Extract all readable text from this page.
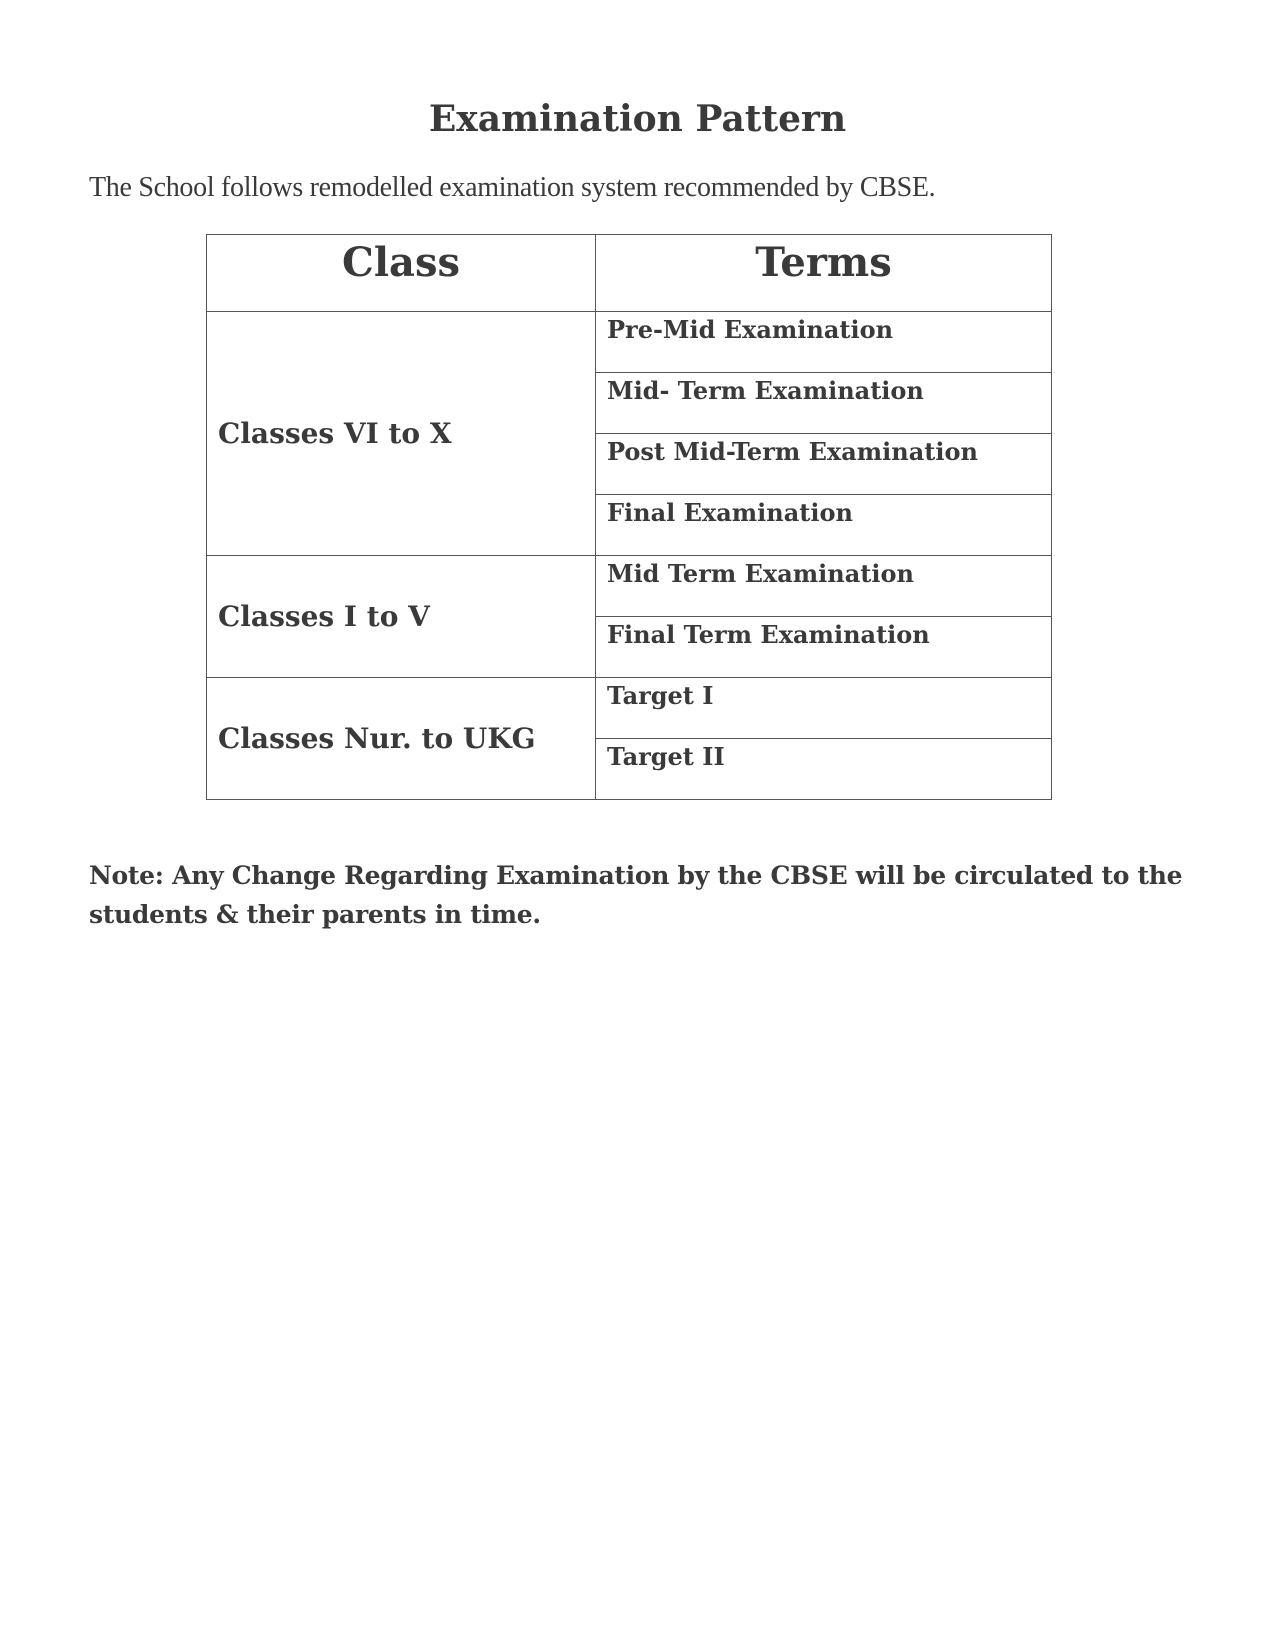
Examination Pattern

The School follows remodelled examination system recommended by CBSE.

Class	Terms
Classes VI to X	Pre-Mid Examination
	Mid- Term Examination
	Post Mid-Term Examination
	Final Examination
Classes I to V	Mid Term Examination
	Final Term Examination
Classes Nur. to UKG	Target I
	Target II

Note: Any Change Regarding Examination by the CBSE will be circulated to the students & their parents in time.
